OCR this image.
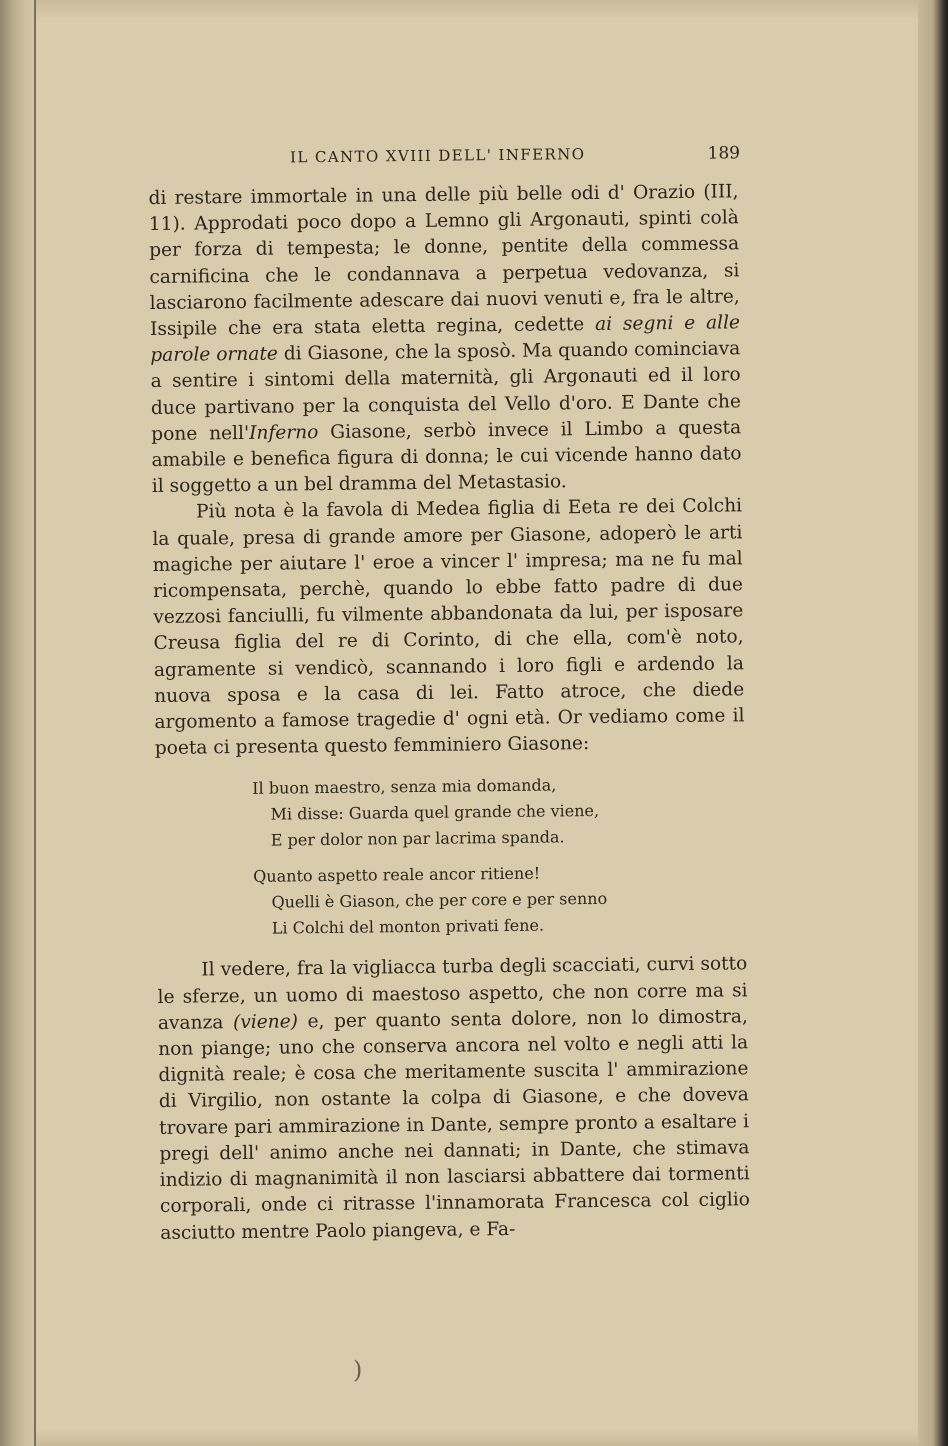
IL CANTO XVIII DELL' INFERNO	189

di restare immortale in una delle più belle odi d' Orazio (III, 11). Approdati poco dopo a Lemno gli Argonauti, spinti colà per forza di tempesta; le donne, pentite della commessa carnificina che le condannava a perpetua vedovanza, si lasciarono facilmente adescare dai nuovi venuti e, fra le altre, Issipile che era stata eletta regina, cedette ai segni e alle parole ornate di Giasone, che la sposò. Ma quando cominciava a sentire i sintomi della maternità, gli Argonauti ed il loro duce partivano per la conquista del Vello d'oro. E Dante che pone nell'Inferno Giasone, serbò invece il Limbo a questa amabile e benefica figura di donna; le cui vicende hanno dato il soggetto a un bel dramma del Metastasio.

Più nota è la favola di Medea figlia di Eeta re dei Colchi la quale, presa di grande amore per Giasone, adoperò le arti magiche per aiutare l' eroe a vincer l' impresa; ma ne fu mal ricompensata, perchè, quando lo ebbe fatto padre di due vezzosi fanciulli, fu vilmente abbandonata da lui, per isposare Creusa figlia del re di Corinto, di che ella, com'è noto, agramente si vendicò, scannando i loro figli e ardendo la nuova sposa e la casa di lei. Fatto atroce, che diede argomento a famose tragedie d' ogni età. Or vediamo come il poeta ci presenta questo femminiero Giasone:

Il buon maestro, senza mia domanda,
Mi disse: Guarda quel grande che viene,
E per dolor non par lacrima spanda.
Quanto aspetto reale ancor ritiene!
Quelli è Giason, che per core e per senno
Li Colchi del monton privati fene.

Il vedere, fra la vigliacca turba degli scacciati, curvi sotto le sferze, un uomo di maestoso aspetto, che non corre ma si avanza (viene) e, per quanto senta dolore, non lo dimostra, non piange; uno che conserva ancora nel volto e negli atti la dignità reale; è cosa che meritamente suscita l' ammirazione di Virgilio, non ostante la colpa di Giasone, e che doveva trovare pari ammirazione in Dante, sempre pronto a esaltare i pregi dell' animo anche nei dannati; in Dante, che stimava indizio di magnanimità il non lasciarsi abbattere dai tormenti corporali, onde ci ritrasse l'innamorata Francesca col ciglio asciutto mentre Paolo piangeva, e Fa-

)
